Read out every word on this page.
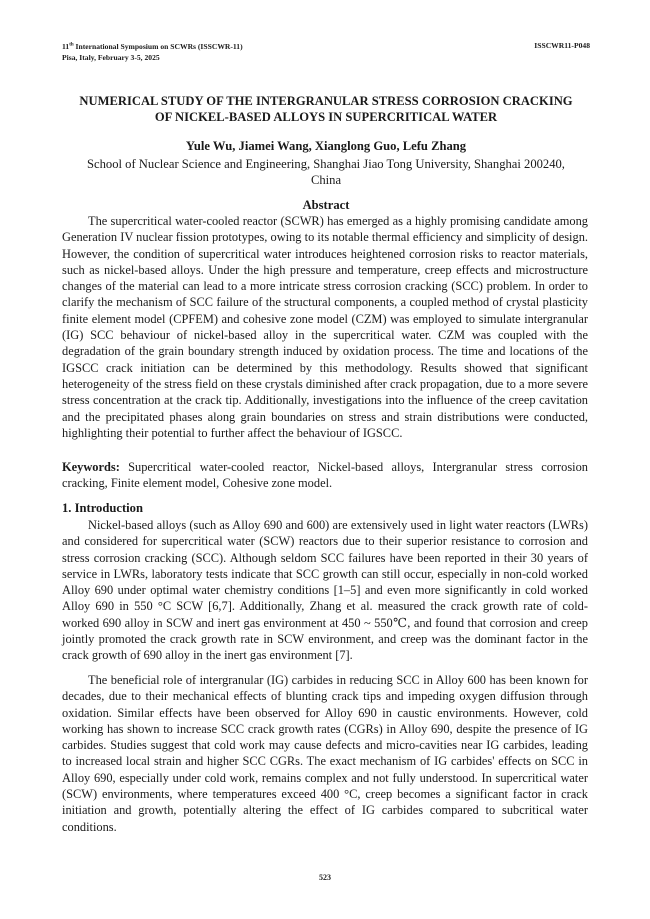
11th International Symposium on SCWRs (ISSCWR-11)
Pisa, Italy, February 3-5, 2025
ISSCWR11-P048
NUMERICAL STUDY OF THE INTERGRANULAR STRESS CORROSION CRACKING
OF NICKEL-BASED ALLOYS IN SUPERCRITICAL WATER
Yule Wu, Jiamei Wang, Xianglong Guo, Lefu Zhang
School of Nuclear Science and Engineering, Shanghai Jiao Tong University, Shanghai 200240,
China
Abstract

The supercritical water-cooled reactor (SCWR) has emerged as a highly promising candidate among Generation IV nuclear fission prototypes, owing to its notable thermal efficiency and simplicity of design. However, the condition of supercritical water introduces heightened corrosion risks to reactor materials, such as nickel-based alloys. Under the high pressure and temperature, creep effects and microstructure changes of the material can lead to a more intricate stress corrosion cracking (SCC) problem. In order to clarify the mechanism of SCC failure of the structural components, a coupled method of crystal plasticity finite element model (CPFEM) and cohesive zone model (CZM) was employed to simulate intergranular (IG) SCC behaviour of nickel-based alloy in the supercritical water. CZM was coupled with the degradation of the grain boundary strength induced by oxidation process. The time and locations of the IGSCC crack initiation can be determined by this methodology. Results showed that significant heterogeneity of the stress field on these crystals diminished after crack propagation, due to a more severe stress concentration at the crack tip. Additionally, investigations into the influence of the creep cavitation and the precipitated phases along grain boundaries on stress and strain distributions were conducted, highlighting their potential to further affect the behaviour of IGSCC.

Keywords: Supercritical water-cooled reactor, Nickel-based alloys, Intergranular stress corrosion cracking, Finite element model, Cohesive zone model.

1. Introduction

Nickel-based alloys (such as Alloy 690 and 600) are extensively used in light water reactors (LWRs) and considered for supercritical water (SCW) reactors due to their superior resistance to corrosion and stress corrosion cracking (SCC). Although seldom SCC failures have been reported in their 30 years of service in LWRs, laboratory tests indicate that SCC growth can still occur, especially in non-cold worked Alloy 690 under optimal water chemistry conditions [1–5] and even more significantly in cold worked Alloy 690 in 550 °C SCW [6,7]. Additionally, Zhang et al. measured the crack growth rate of cold-worked 690 alloy in SCW and inert gas environment at 450 ~ 550℃, and found that corrosion and creep jointly promoted the crack growth rate in SCW environment, and creep was the dominant factor in the crack growth of 690 alloy in the inert gas environment [7].

The beneficial role of intergranular (IG) carbides in reducing SCC in Alloy 600 has been known for decades, due to their mechanical effects of blunting crack tips and impeding oxygen diffusion through oxidation. Similar effects have been observed for Alloy 690 in caustic environments. However, cold working has shown to increase SCC crack growth rates (CGRs) in Alloy 690, despite the presence of IG carbides. Studies suggest that cold work may cause defects and micro-cavities near IG carbides, leading to increased local strain and higher SCC CGRs. The exact mechanism of IG carbides' effects on SCC in Alloy 690, especially under cold work, remains complex and not fully understood. In supercritical water (SCW) environments, where temperatures exceed 400 °C, creep becomes a significant factor in crack initiation and growth, potentially altering the effect of IG carbides compared to subcritical water conditions.

523
